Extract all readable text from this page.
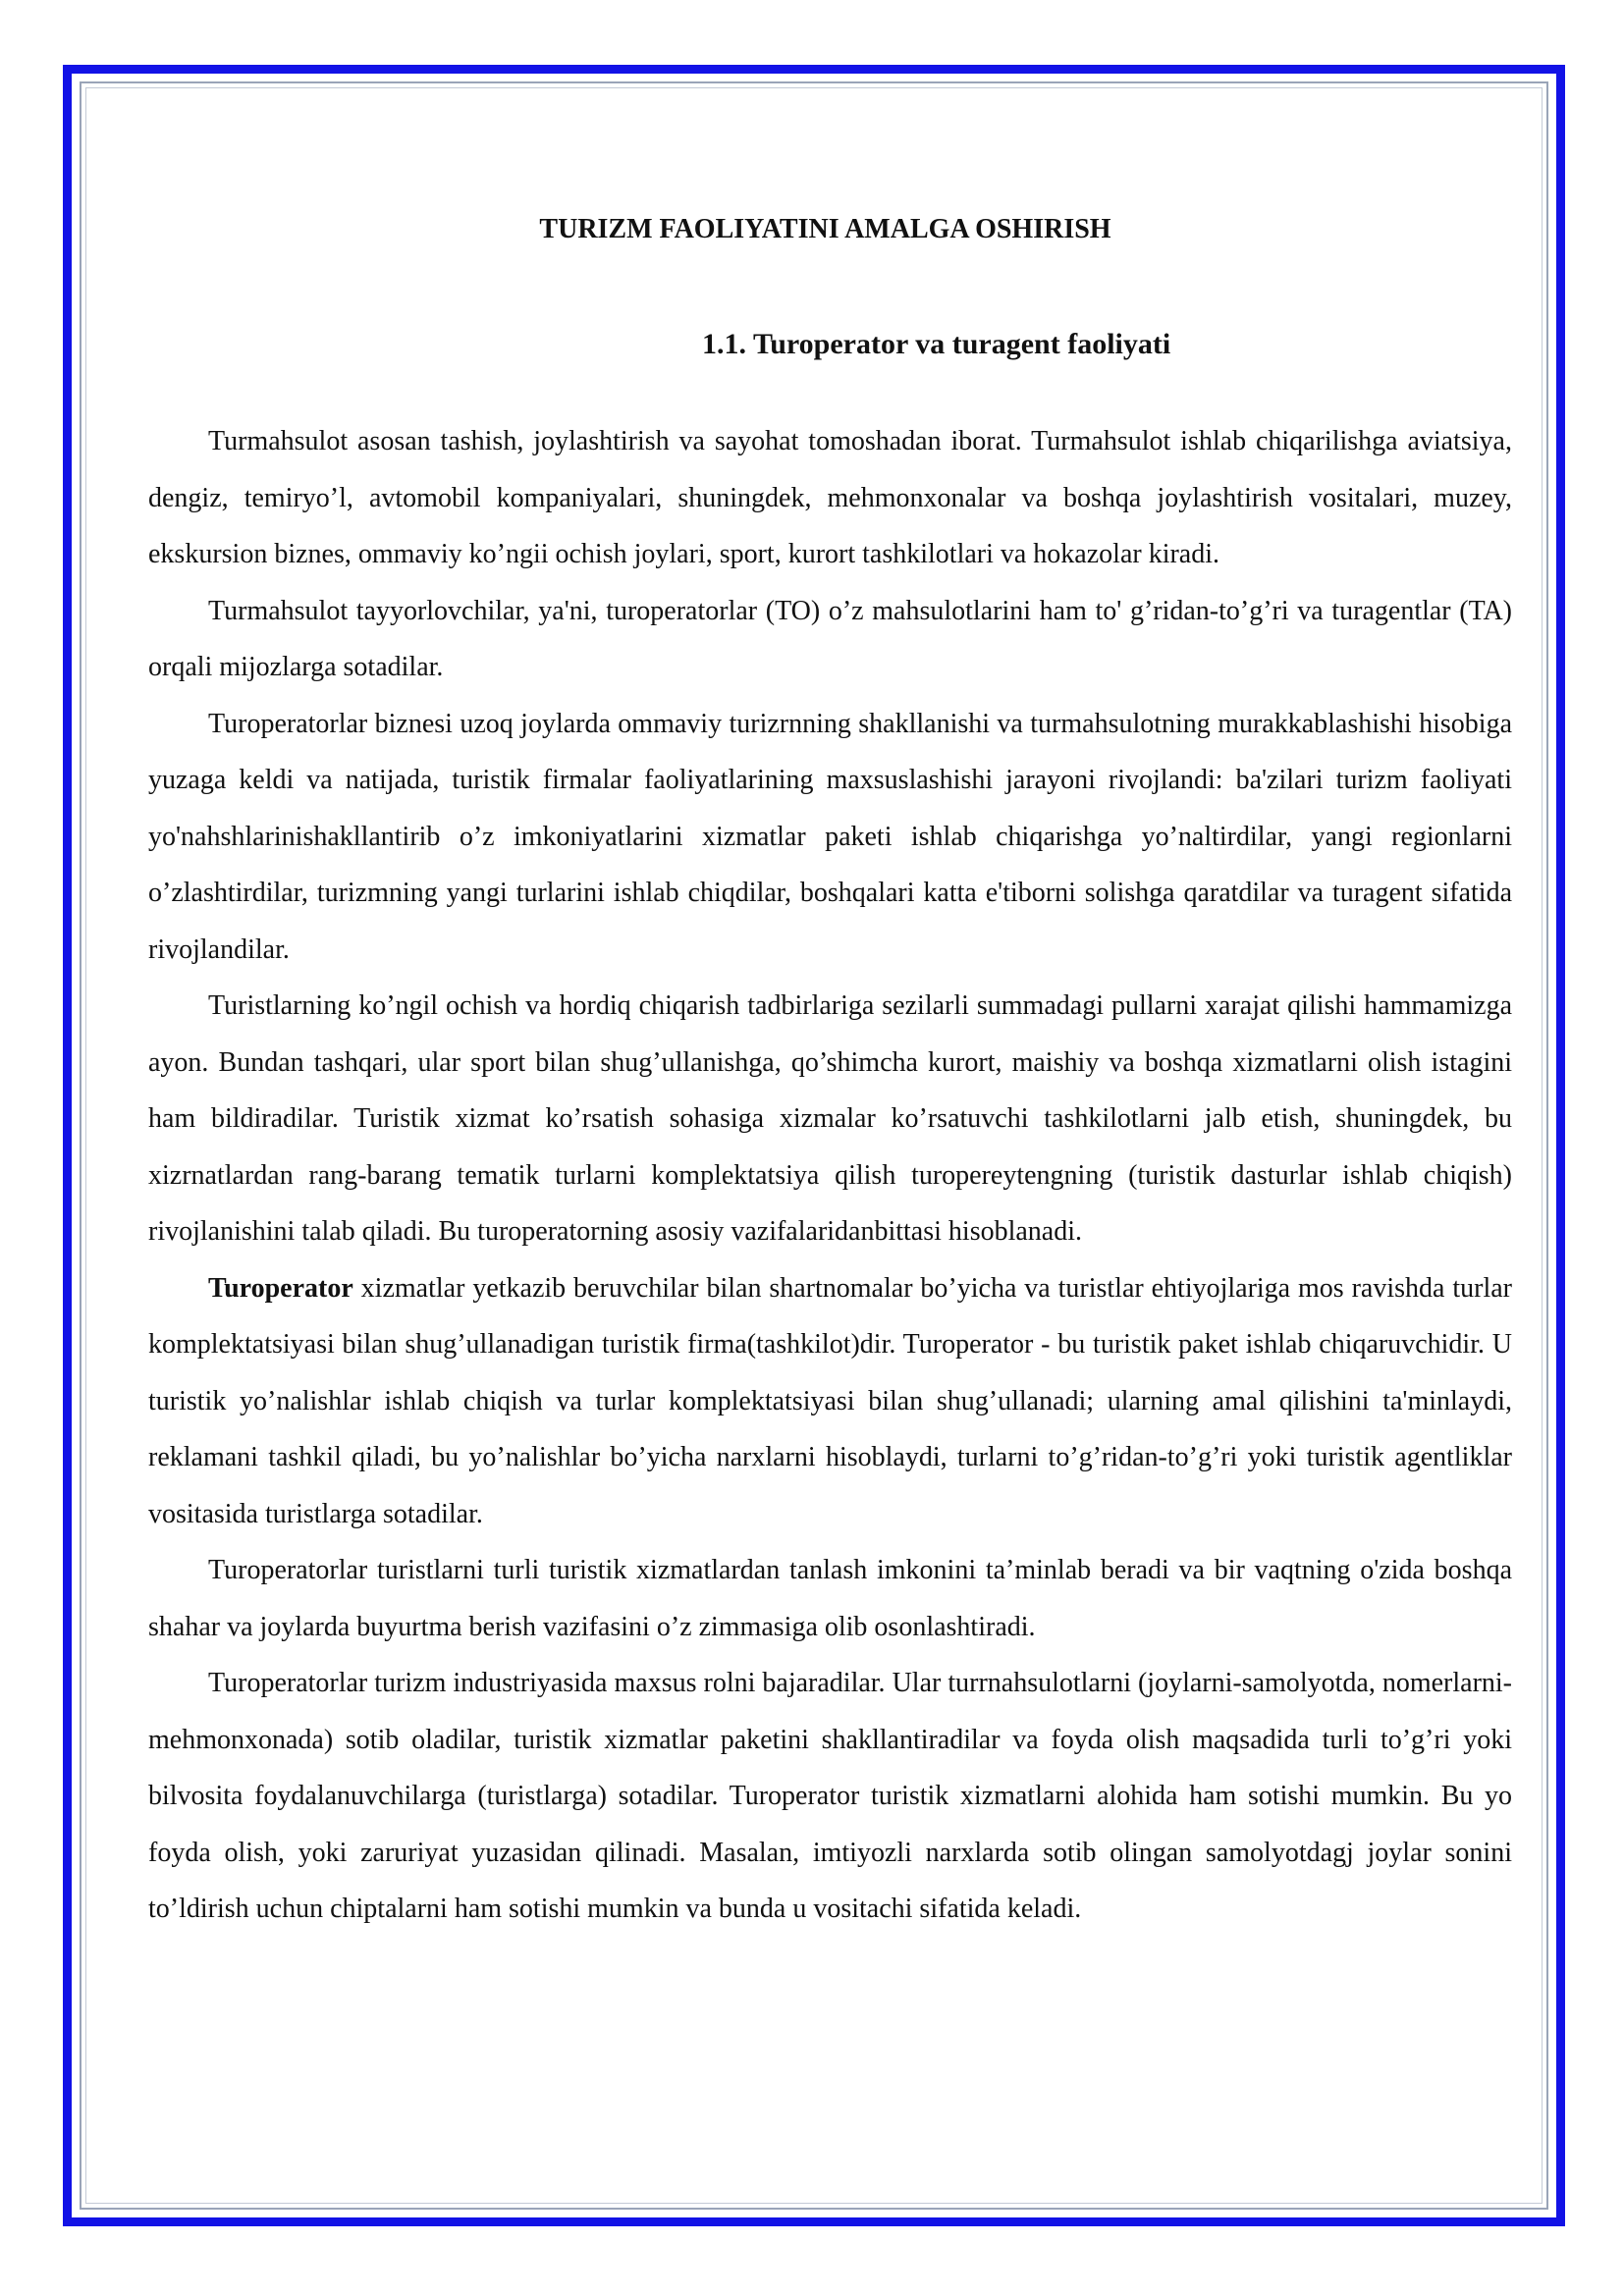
TURIZM FAOLIYATINI AMALGA OSHIRISH
1.1. Turoperator va turagent faoliyati

Turmahsulot asosan tashish, joylashtirish va sayohat tomoshadan iborat. Turmahsulot ishlab chiqarilishga aviatsiya, dengiz, temiryo’l, avtomobil kompaniyalari, shuningdek, mehmonxonalar va boshqa joylashtirish vositalari, muzey, ekskursion biznes, ommaviy ko’ngii ochish joylari, sport, kurort tashkilotlari va hokazolar kiradi.

Turmahsulot tayyorlovchilar, ya'ni, turoperatorlar (TO) o’z mahsulotlarini ham to' g’ridan-to’g’ri va turagentlar (TA) orqali mijozlarga sotadilar.

Turoperatorlar biznesi uzoq joylarda ommaviy turizrnning shakllanishi va turmahsulotning murakkablashishi hisobiga yuzaga keldi va natijada, turistik firmalar faoliyatlarining maxsuslashishi jarayoni rivojlandi: ba'zilari turizm faoliyati yo'nahshlarinishakllantirib o’z imkoniyatlarini xizmatlar paketi ishlab chiqarishga yo’naltirdilar, yangi regionlarni o’zlashtirdilar, turizmning yangi turlarini ishlab chiqdilar, boshqalari katta e'tiborni solishga qaratdilar va turagent sifatida rivojlandilar.

Turistlarning ko’ngil ochish va hordiq chiqarish tadbirlariga sezilarli summadagi pullarni xarajat qilishi hammamizga ayon. Bundan tashqari, ular sport bilan shug’ullanishga, qo’shimcha kurort, maishiy va boshqa xizmatlarni olish istagini ham bildiradilar. Turistik xizmat ko’rsatish sohasiga xizmalar ko’rsatuvchi tashkilotlarni jalb etish, shuningdek, bu xizrnatlardan rang-barang tematik turlarni komplektatsiya qilish turopereytengning (turistik dasturlar ishlab chiqish) rivojlanishini talab qiladi. Bu turoperatorning asosiy vazifalaridanbittasi hisoblanadi.

Turoperator xizmatlar yetkazib beruvchilar bilan shartnomalar bo’yicha va turistlar ehtiyojlariga mos ravishda turlar komplektatsiyasi bilan shug’ullanadigan turistik firma(tashkilot)dir. Turoperator - bu turistik paket ishlab chiqaruvchidir. U turistik yo’nalishlar ishlab chiqish va turlar komplektatsiyasi bilan shug’ullanadi; ularning amal qilishini ta'minlaydi, reklamani tashkil qiladi, bu yo’nalishlar bo’yicha narxlarni hisoblaydi, turlarni to’g’ridan-to’g’ri yoki turistik agentliklar vositasida turistlarga sotadilar.

Turoperatorlar turistlarni turli turistik xizmatlardan tanlash imkonini ta’minlab beradi va bir vaqtning o'zida boshqa shahar va joylarda buyurtma berish vazifasini o’z zimmasiga olib osonlashtiradi.

Turoperatorlar turizm industriyasida maxsus rolni bajaradilar. Ular turrnahsulotlarni (joylarni-samolyotda, nomerlarni-mehmonxonada) sotib oladilar, turistik xizmatlar paketini shakllantiradilar va foyda olish maqsadida turli to’g’ri yoki bilvosita foydalanuvchilarga (turistlarga) sotadilar. Turoperator turistik xizmatlarni alohida ham sotishi mumkin. Bu yo foyda olish, yoki zaruriyat yuzasidan qilinadi. Masalan, imtiyozli narxlarda sotib olingan samolyotdagj joylar sonini to’ldirish uchun chiptalarni ham sotishi mumkin va bunda u vositachi sifatida keladi.
